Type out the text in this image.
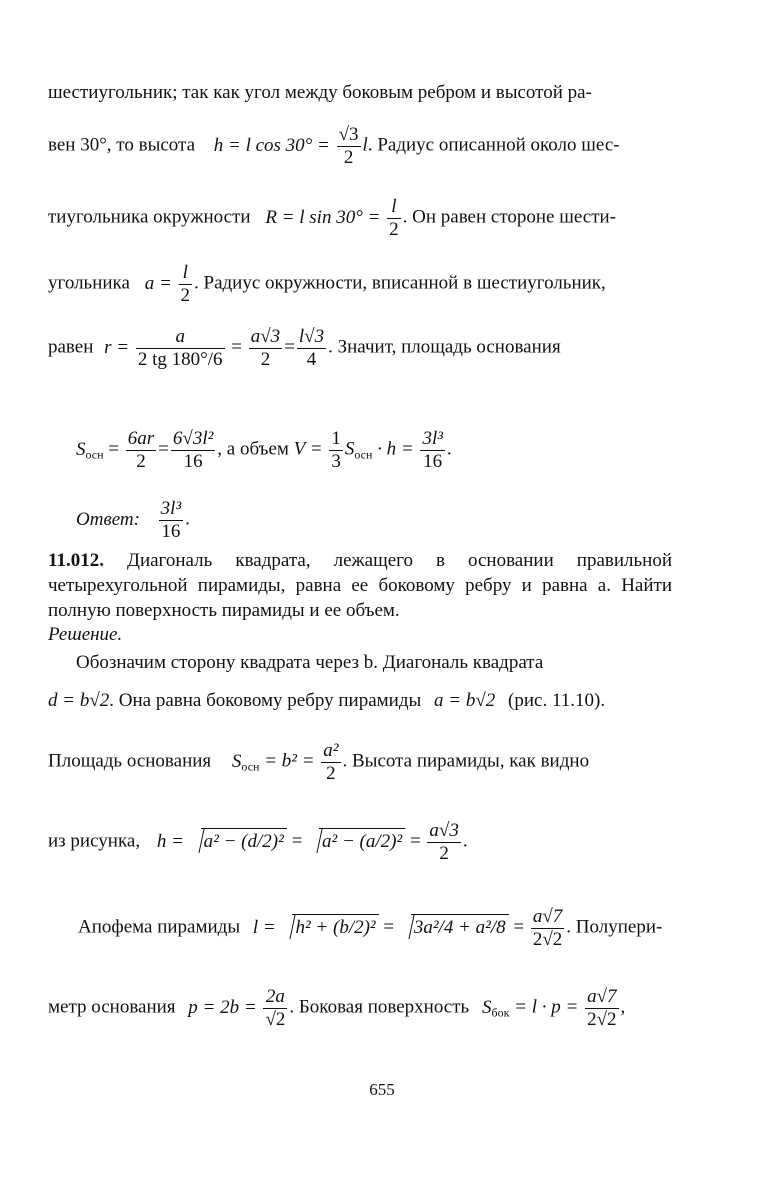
шестиугольник; так как угол между боковым ребром и высотой ра-
вен 30°, то высота h = l $\cos 30^\circ = \frac{√3}{2} l$. Радиус описанной около шес-
тиугольника окружности R = l $\sin 30^\circ = \frac{l}{2}$ . Он равен стороне шести-
угольника $a = \frac{l}{2}$ . Радиус окружности, вписанной в шестиугольник,
равен $r = \frac{a}{2 tg 180^\circ/6} = \frac{a√3}{2} = \frac{l√3}{4}$ . Значит, площадь основания
$S_{осн} = \frac{6ar}{2} = \frac{\text{6√3l²}}{16}$ , а объем $V = \frac{1}{3} S_{осн} \cdot h = \frac{\text{3l³}}{16}$ .
Ответ: $\frac{\text{3l³}}{16}$ .
11.012. Диагональ квадрата, лежащего в основании правильной четырехугольной пирамиды, равна ее боковому ребру и равна a. Найти полную поверхность пирамиды и ее объем.
Решение.
Обозначим сторону квадрата через b. Диагональ квадрата
d = b√2. Она равна боковому ребру пирамиды a = b√2 (рис. 11.10).
Площадь основания $S_{осн} = b^2 = \frac{\text{a²}}{2}$ . Высота пирамиды, как видно
из рисунка, $h = a^2 - (d/2)^2 = a^2 - (a/2)^2 = \frac{a√3}{2}$ .
Апофема пирамиды $l = h^2 + (b/2)^2 = 3a^2/4 + a^2/8 = \frac{a√7}{2√2}$ . Полупери-
метр основания $p = 2b = \frac{2a}{√2}$ . Боковая поверхность $S_{бок} = l \cdot p = \frac{a√7}{2√2}$ ,
655
